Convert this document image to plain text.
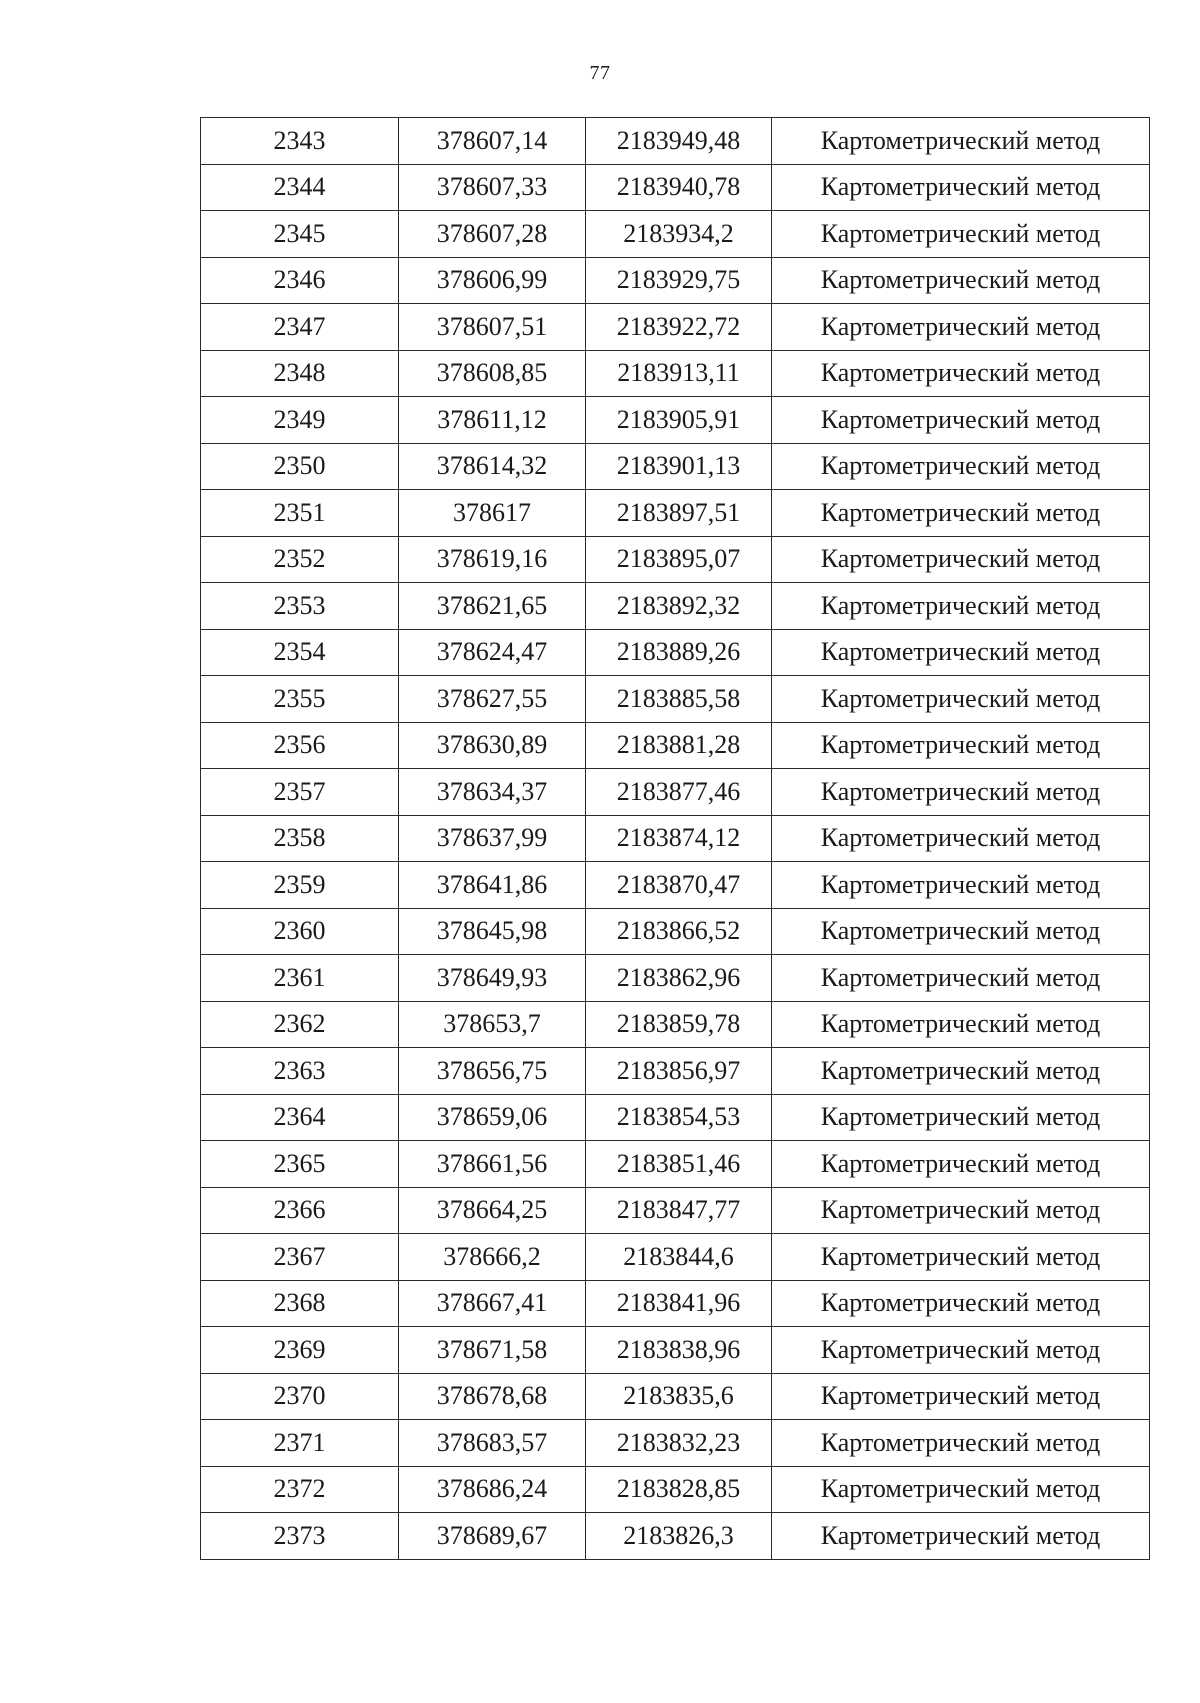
77
2343	378607,14	2183949,48	Картометрический метод
2344	378607,33	2183940,78	Картометрический метод
2345	378607,28	2183934,2	Картометрический метод
2346	378606,99	2183929,75	Картометрический метод
2347	378607,51	2183922,72	Картометрический метод
2348	378608,85	2183913,11	Картометрический метод
2349	378611,12	2183905,91	Картометрический метод
2350	378614,32	2183901,13	Картометрический метод
2351	378617	2183897,51	Картометрический метод
2352	378619,16	2183895,07	Картометрический метод
2353	378621,65	2183892,32	Картометрический метод
2354	378624,47	2183889,26	Картометрический метод
2355	378627,55	2183885,58	Картометрический метод
2356	378630,89	2183881,28	Картометрический метод
2357	378634,37	2183877,46	Картометрический метод
2358	378637,99	2183874,12	Картометрический метод
2359	378641,86	2183870,47	Картометрический метод
2360	378645,98	2183866,52	Картометрический метод
2361	378649,93	2183862,96	Картометрический метод
2362	378653,7	2183859,78	Картометрический метод
2363	378656,75	2183856,97	Картометрический метод
2364	378659,06	2183854,53	Картометрический метод
2365	378661,56	2183851,46	Картометрический метод
2366	378664,25	2183847,77	Картометрический метод
2367	378666,2	2183844,6	Картометрический метод
2368	378667,41	2183841,96	Картометрический метод
2369	378671,58	2183838,96	Картометрический метод
2370	378678,68	2183835,6	Картометрический метод
2371	378683,57	2183832,23	Картометрический метод
2372	378686,24	2183828,85	Картометрический метод
2373	378689,67	2183826,3	Картометрический метод
